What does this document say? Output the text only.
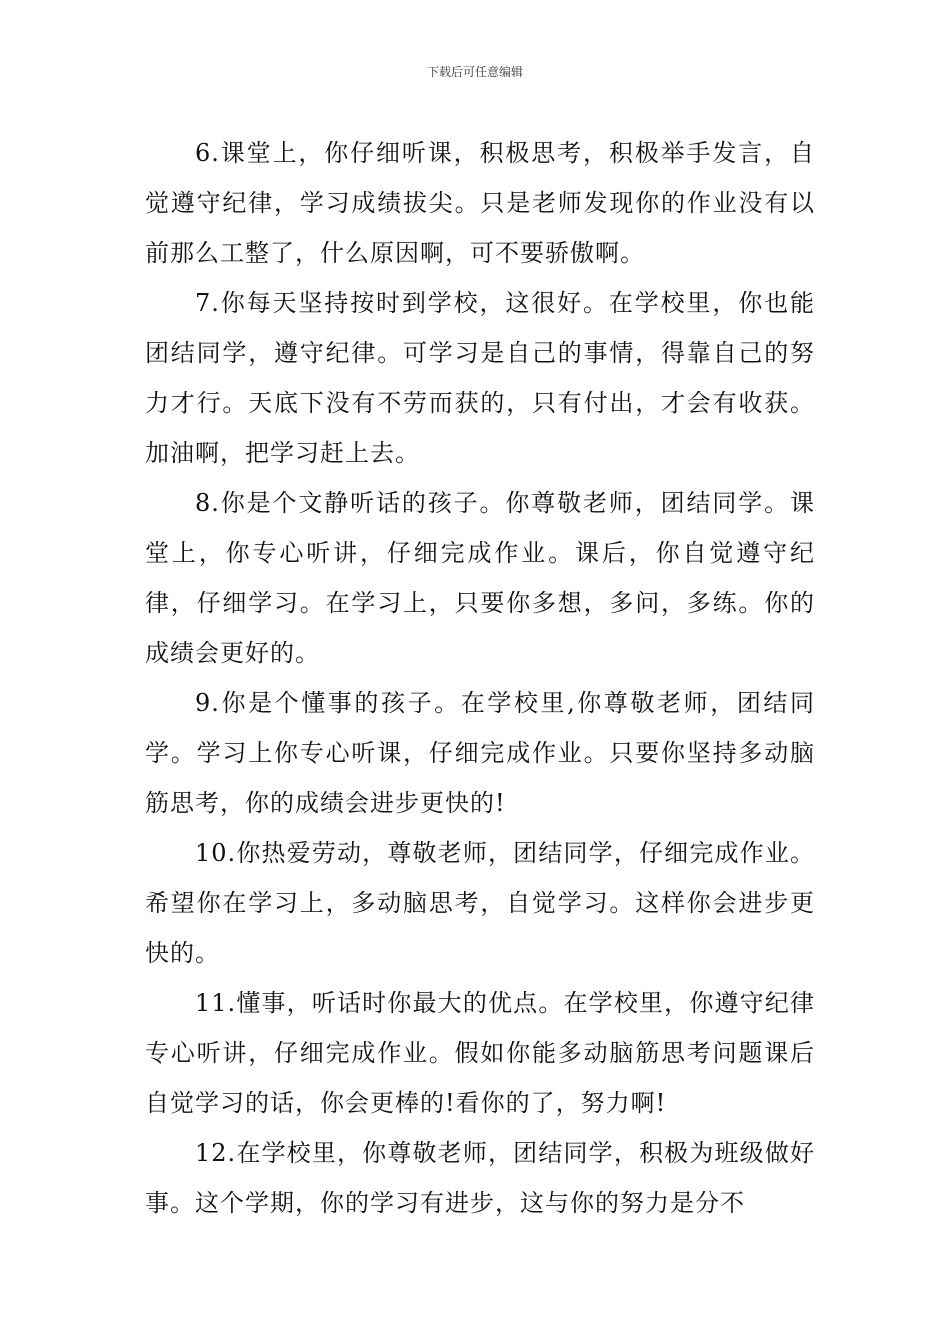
下载后可任意编辑

6.课堂上，你仔细听课，积极思考，积极举手发言，自觉遵守纪律，学习成绩拔尖。只是老师发现你的作业没有以前那么工整了，什么原因啊，可不要骄傲啊。

7.你每天坚持按时到学校，这很好。在学校里，你也能团结同学，遵守纪律。可学习是自己的事情，得靠自己的努力才行。天底下没有不劳而获的，只有付出，才会有收获。加油啊，把学习赶上去。

8.你是个文静听话的孩子。你尊敬老师，团结同学。课堂上，你专心听讲，仔细完成作业。课后，你自觉遵守纪律，仔细学习。在学习上，只要你多想，多问，多练。你的成绩会更好的。

9.你是个懂事的孩子。在学校里,你尊敬老师，团结同学。学习上你专心听课，仔细完成作业。只要你坚持多动脑筋思考，你的成绩会进步更快的!

10.你热爱劳动，尊敬老师，团结同学，仔细完成作业。希望你在学习上，多动脑思考，自觉学习。这样你会进步更快的。

11.懂事，听话时你最大的优点。在学校里，你遵守纪律专心听讲，仔细完成作业。假如你能多动脑筋思考问题课后自觉学习的话，你会更棒的!看你的了，努力啊!

12.在学校里，你尊敬老师，团结同学，积极为班级做好事。这个学期，你的学习有进步，这与你的努力是分不
